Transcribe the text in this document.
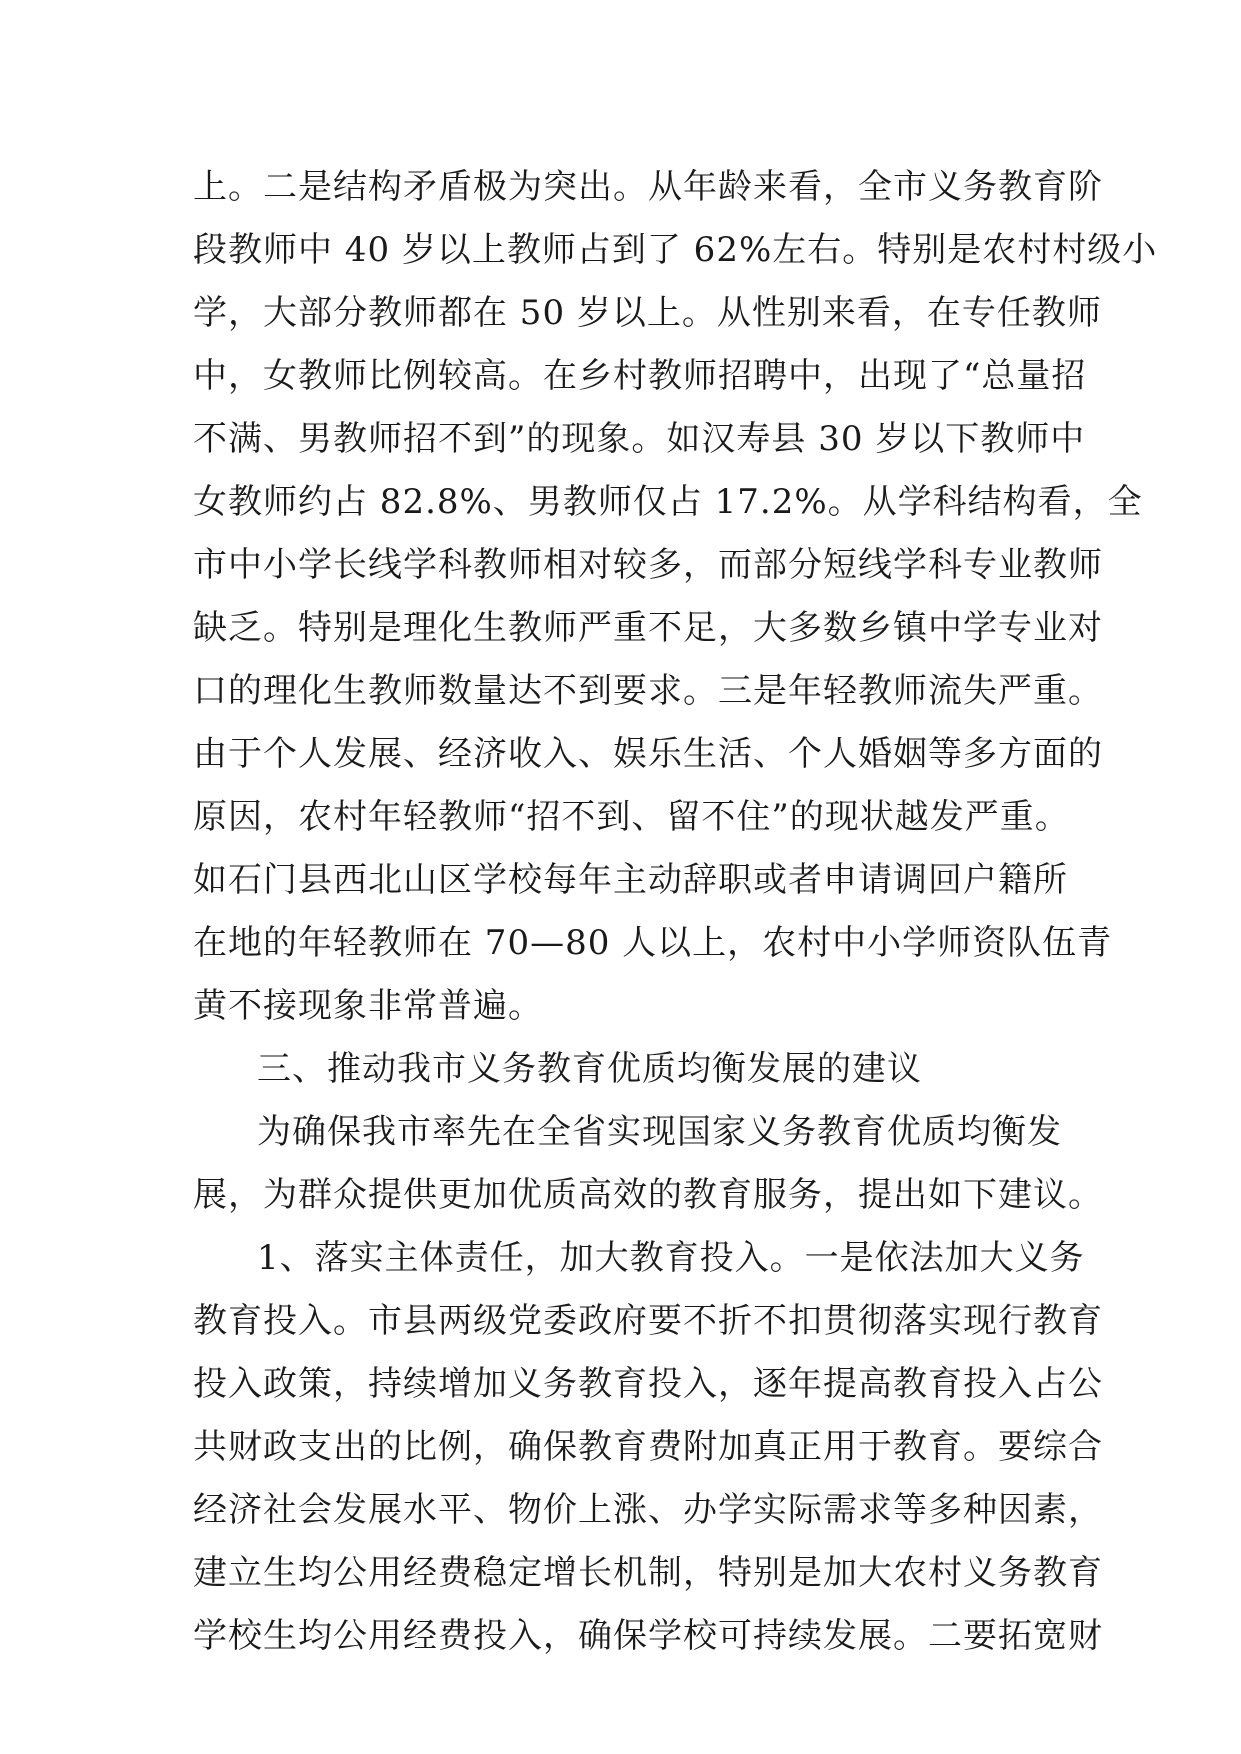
上。二是结构矛盾极为突出。从年龄来看，全市义务教育阶
段教师中 40 岁以上教师占到了 62%左右。特别是农村村级小
学，大部分教师都在 50 岁以上。从性别来看，在专任教师
中，女教师比例较高。在乡村教师招聘中，出现了“总量招
不满、男教师招不到”的现象。如汉寿县 30 岁以下教师中
女教师约占 82.8%、男教师仅占 17.2%。从学科结构看，全
市中小学长线学科教师相对较多，而部分短线学科专业教师
缺乏。特别是理化生教师严重不足，大多数乡镇中学专业对
口的理化生教师数量达不到要求。三是年轻教师流失严重。
由于个人发展、经济收入、娱乐生活、个人婚姻等多方面的
原因，农村年轻教师“招不到、留不住”的现状越发严重。
如石门县西北山区学校每年主动辞职或者申请调回户籍所
在地的年轻教师在 70—80 人以上，农村中小学师资队伍青
黄不接现象非常普遍。
三、推动我市义务教育优质均衡发展的建议
为确保我市率先在全省实现国家义务教育优质均衡发
展，为群众提供更加优质高效的教育服务，提出如下建议。
1、落实主体责任，加大教育投入。一是依法加大义务
教育投入。市县两级党委政府要不折不扣贯彻落实现行教育
投入政策，持续增加义务教育投入，逐年提高教育投入占公
共财政支出的比例，确保教育费附加真正用于教育。要综合
经济社会发展水平、物价上涨、办学实际需求等多种因素，
建立生均公用经费稳定增长机制，特别是加大农村义务教育
学校生均公用经费投入，确保学校可持续发展。二要拓宽财
